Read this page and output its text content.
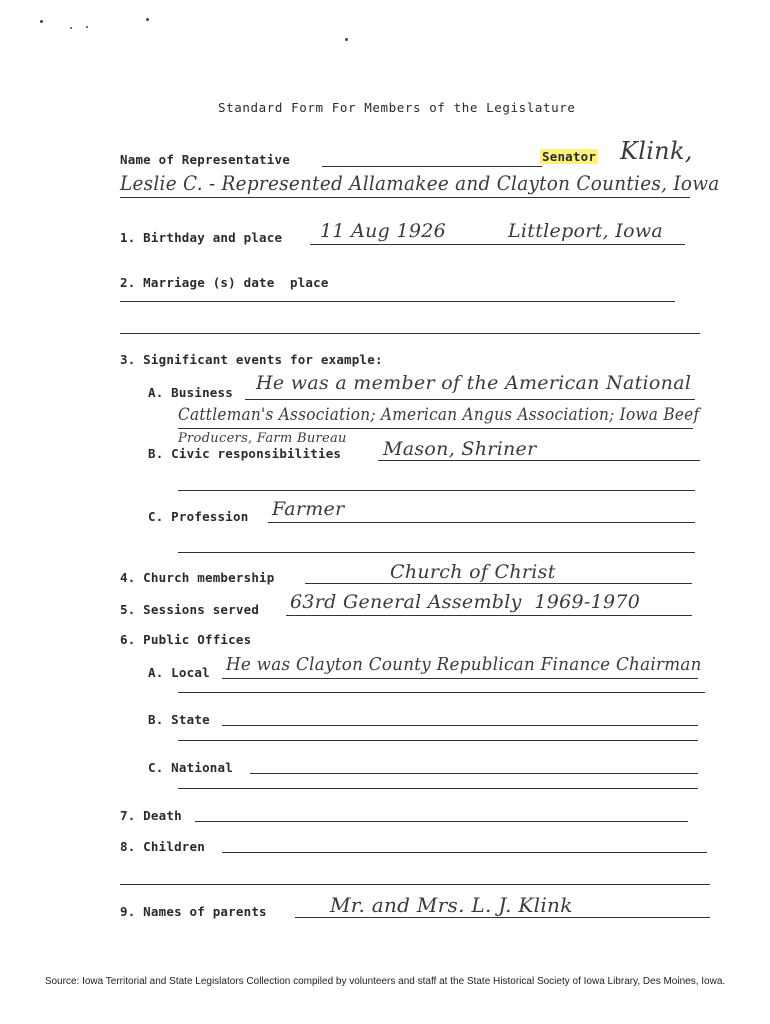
Standard Form For Members of the Legislature
Name of Representative	Senator Klink,
Leslie C. - Represented Allamakee and Clayton Counties, Iowa
1. Birthday and place 11 Aug 1926	Littleport, Iowa
2. Marriage (s) date  place
3. Significant events for example:
A. Business He was a member of the American National
Cattleman's Association; American Angus Association; Iowa Beef
Producers, Farm Bureau
B. Civic responsibilities Mason, Shriner
C. Profession Farmer
4. Church membership	Church of Christ
5. Sessions served 63rd General Assembly  1969-1970
6. Public Offices
A. Local He was Clayton County Republican Finance Chairman
B. State
C. National
7. Death
8. Children
9. Names of parents	Mr. and Mrs. L. J. Klink
Source: Iowa Territorial and State Legislators Collection compiled by volunteers and staff at the State Historical Society of Iowa Library, Des Moines, Iowa.
